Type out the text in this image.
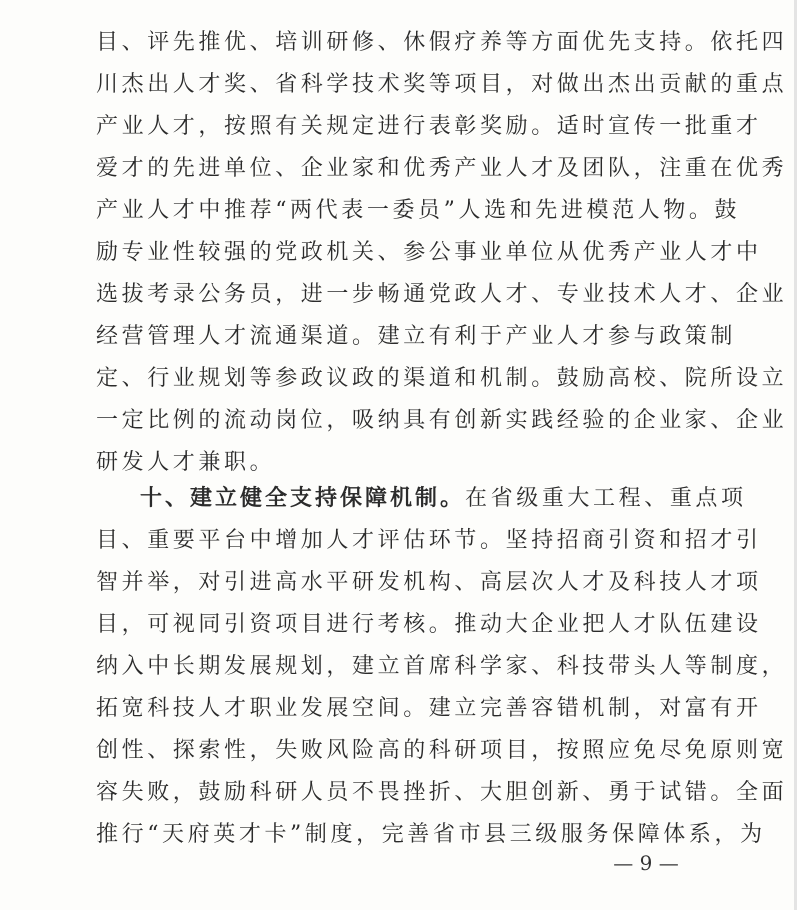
目、评先推优、培训研修、休假疗养等方面优先支持。依托四
川杰出人才奖、省科学技术奖等项目，对做出杰出贡献的重点
产业人才，按照有关规定进行表彰奖励。适时宣传一批重才
爱才的先进单位、企业家和优秀产业人才及团队，注重在优秀
产业人才中推荐“两代表一委员”人选和先进模范人物。鼓
励专业性较强的党政机关、参公事业单位从优秀产业人才中
选拔考录公务员，进一步畅通党政人才、专业技术人才、企业
经营管理人才流通渠道。建立有利于产业人才参与政策制
定、行业规划等参政议政的渠道和机制。鼓励高校、院所设立
一定比例的流动岗位，吸纳具有创新实践经验的企业家、企业
研发人才兼职。
十、建立健全支持保障机制。在省级重大工程、重点项
目、重要平台中增加人才评估环节。坚持招商引资和招才引
智并举，对引进高水平研发机构、高层次人才及科技人才项
目，可视同引资项目进行考核。推动大企业把人才队伍建设
纳入中长期发展规划，建立首席科学家、科技带头人等制度，
拓宽科技人才职业发展空间。建立完善容错机制，对富有开
创性、探索性，失败风险高的科研项目，按照应免尽免原则宽
容失败，鼓励科研人员不畏挫折、大胆创新、勇于试错。全面
推行“天府英才卡”制度，完善省市县三级服务保障体系，为
— 9 —
